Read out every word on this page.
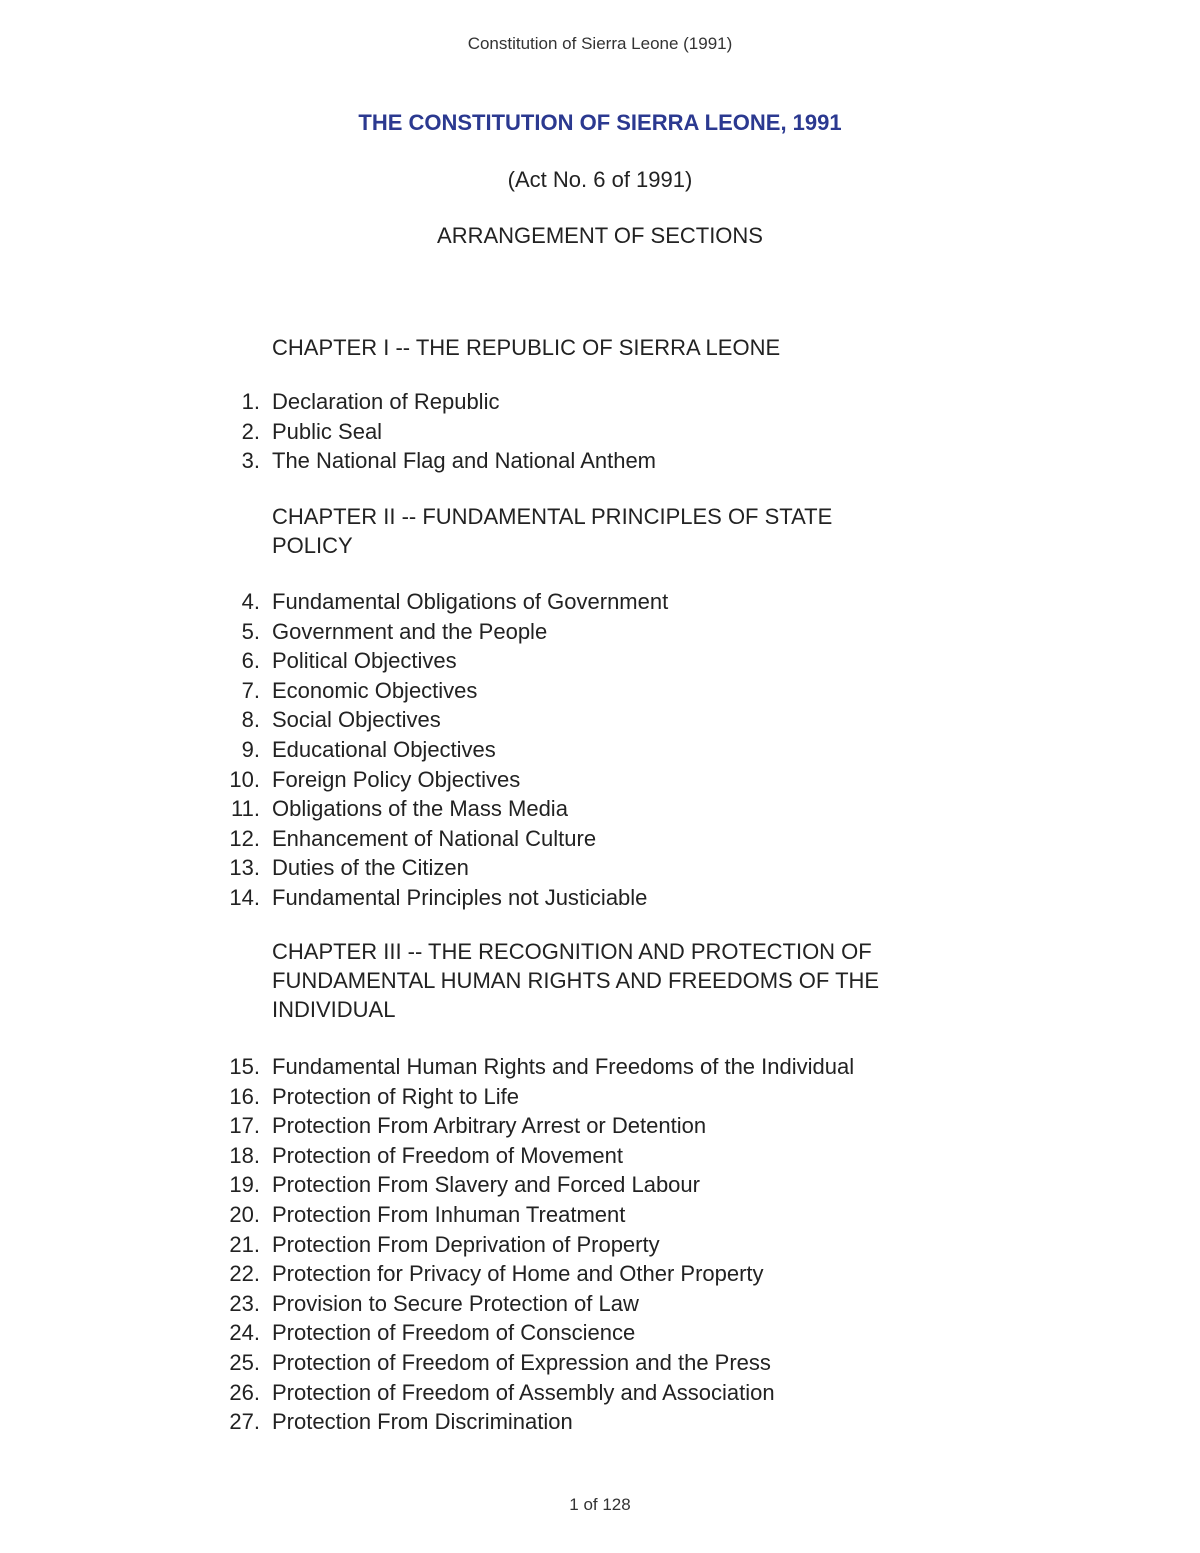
Constitution of Sierra Leone (1991)
THE CONSTITUTION OF SIERRA LEONE, 1991
(Act No. 6 of 1991)
ARRANGEMENT OF SECTIONS
CHAPTER I -- THE REPUBLIC OF SIERRA LEONE
1. Declaration of Republic
2. Public Seal
3. The National Flag and National Anthem
CHAPTER II -- FUNDAMENTAL PRINCIPLES OF STATE POLICY
4. Fundamental Obligations of Government
5. Government and the People
6. Political Objectives
7. Economic Objectives
8. Social Objectives
9. Educational Objectives
10. Foreign Policy Objectives
11. Obligations of the Mass Media
12. Enhancement of National Culture
13. Duties of the Citizen
14. Fundamental Principles not Justiciable
CHAPTER III -- THE RECOGNITION AND PROTECTION OF FUNDAMENTAL HUMAN RIGHTS AND FREEDOMS OF THE INDIVIDUAL
15. Fundamental Human Rights and Freedoms of the Individual
16. Protection of Right to Life
17. Protection From Arbitrary Arrest or Detention
18. Protection of Freedom of Movement
19. Protection From Slavery and Forced Labour
20. Protection From Inhuman Treatment
21. Protection From Deprivation of Property
22. Protection for Privacy of Home and Other Property
23. Provision to Secure Protection of Law
24. Protection of Freedom of Conscience
25. Protection of Freedom of Expression and the Press
26. Protection of Freedom of Assembly and Association
27. Protection From Discrimination
1 of 128
